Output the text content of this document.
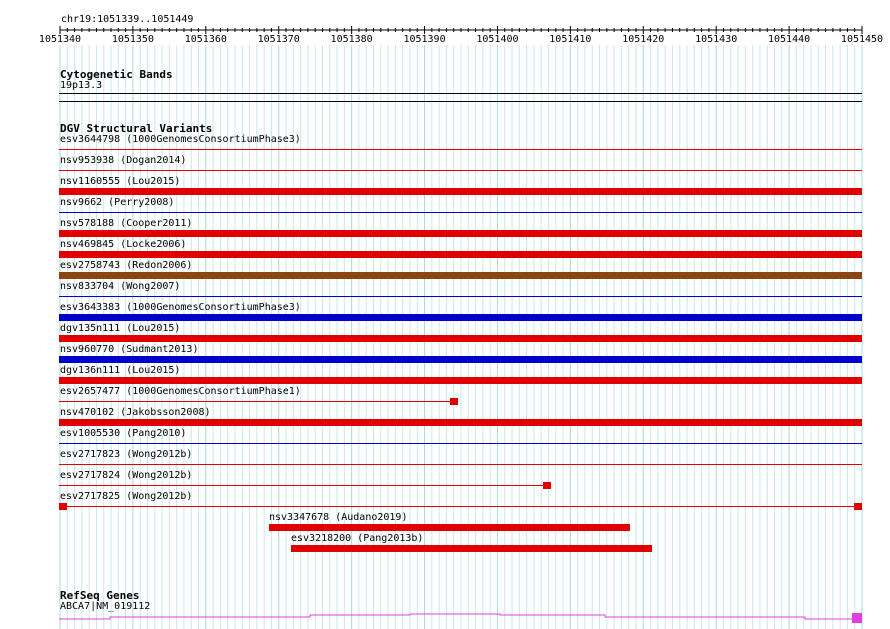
chr19:1051339..1051449
1051340	1051350	1051360	1051370	1051380	1051390	1051400	1051410	1051420	1051430	1051440	1051450
Cytogenetic Bands
19p13.3
DGV Structural Variants
esv3644798 (1000GenomesConsortiumPhase3)
nsv953938 (Dogan2014)
nsv1160555 (Lou2015)
nsv9662 (Perry2008)
nsv578188 (Cooper2011)
nsv469845 (Locke2006)
esv2758743 (Redon2006)
nsv833704 (Wong2007)
esv3643383 (1000GenomesConsortiumPhase3)
dgv135n111 (Lou2015)
nsv960770 (Sudmant2013)
dgv136n111 (Lou2015)
esv2657477 (1000GenomesConsortiumPhase1)
nsv470102 (Jakobsson2008)
esv1005530 (Pang2010)
esv2717823 (Wong2012b)
esv2717824 (Wong2012b)
esv2717825 (Wong2012b)
nsv3347678 (Audano2019)
esv3218200 (Pang2013b)
RefSeq Genes
ABCA7|NM_019112
